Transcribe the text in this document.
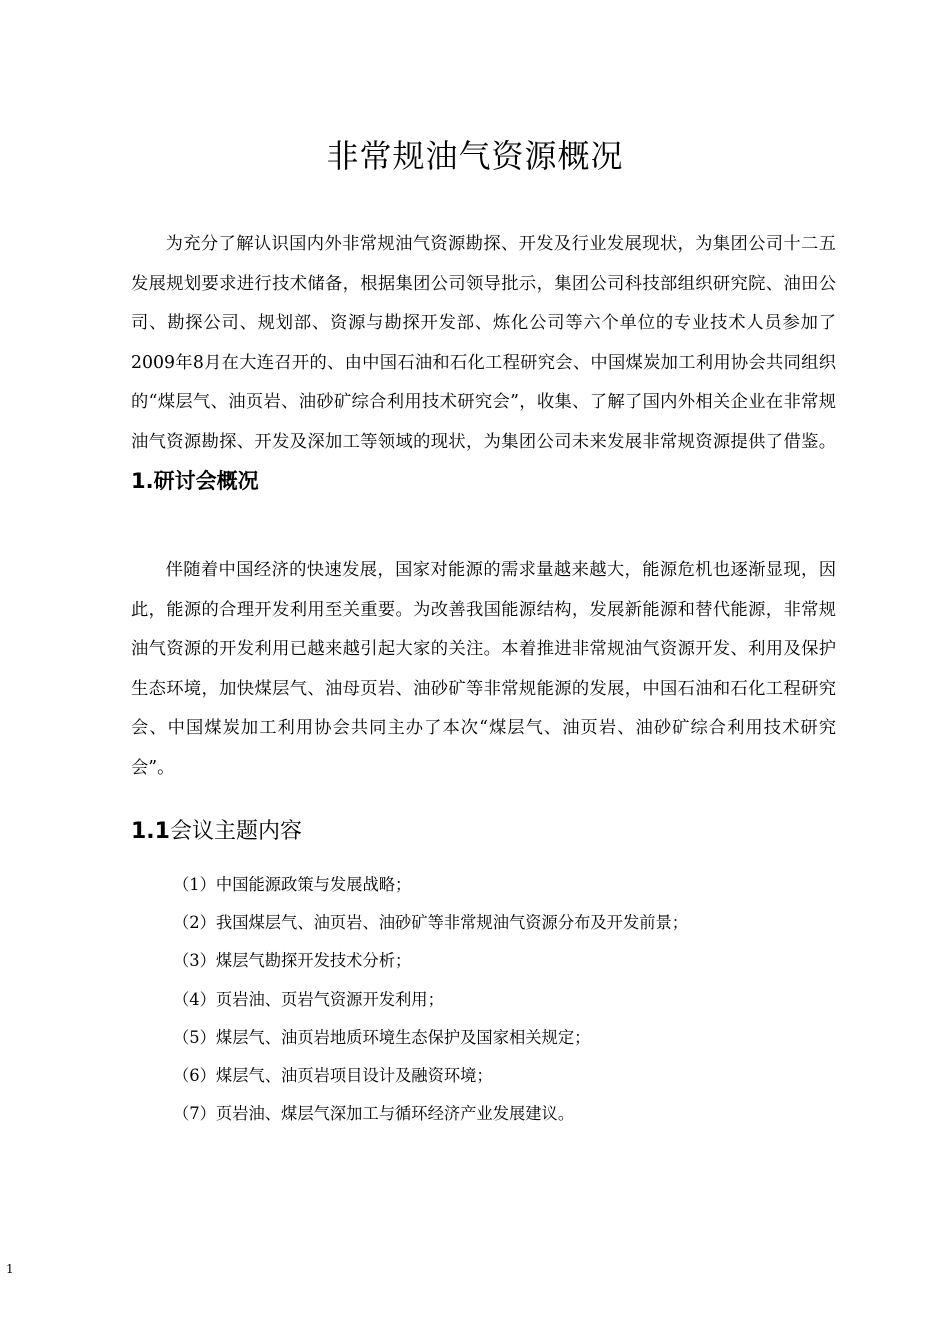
非常规油气资源概况

为充分了解认识国内外非常规油气资源勘探、开发及行业发展现状，为集团公司十二五发展规划要求进行技术储备，根据集团公司领导批示，集团公司科技部组织研究院、油田公司、勘探公司、规划部、资源与勘探开发部、炼化公司等六个单位的专业技术人员参加了2009年8月在大连召开的、由中国石油和石化工程研究会、中国煤炭加工利用协会共同组织的“煤层气、油页岩、油砂矿综合利用技术研究会”，收集、了解了国内外相关企业在非常规油气资源勘探、开发及深加工等领域的现状，为集团公司未来发展非常规资源提供了借鉴。1.研讨会概况

伴随着中国经济的快速发展，国家对能源的需求量越来越大，能源危机也逐渐显现，因此，能源的合理开发利用至关重要。为改善我国能源结构，发展新能源和替代能源，非常规油气资源的开发利用已越来越引起大家的关注。本着推进非常规油气资源开发、利用及保护生态环境，加快煤层气、油母页岩、油砂矿等非常规能源的发展，中国石油和石化工程研究会、中国煤炭加工利用协会共同主办了本次“煤层气、油页岩、油砂矿综合利用技术研究会”。

1.1会议主题内容
（1）中国能源政策与发展战略；
（2）我国煤层气、油页岩、油砂矿等非常规油气资源分布及开发前景；
（3）煤层气勘探开发技术分析；
（4）页岩油、页岩气资源开发利用；
（5）煤层气、油页岩地质环境生态保护及国家相关规定；
（6）煤层气、油页岩项目设计及融资环境；
（7）页岩油、煤层气深加工与循环经济产业发展建议。
1
